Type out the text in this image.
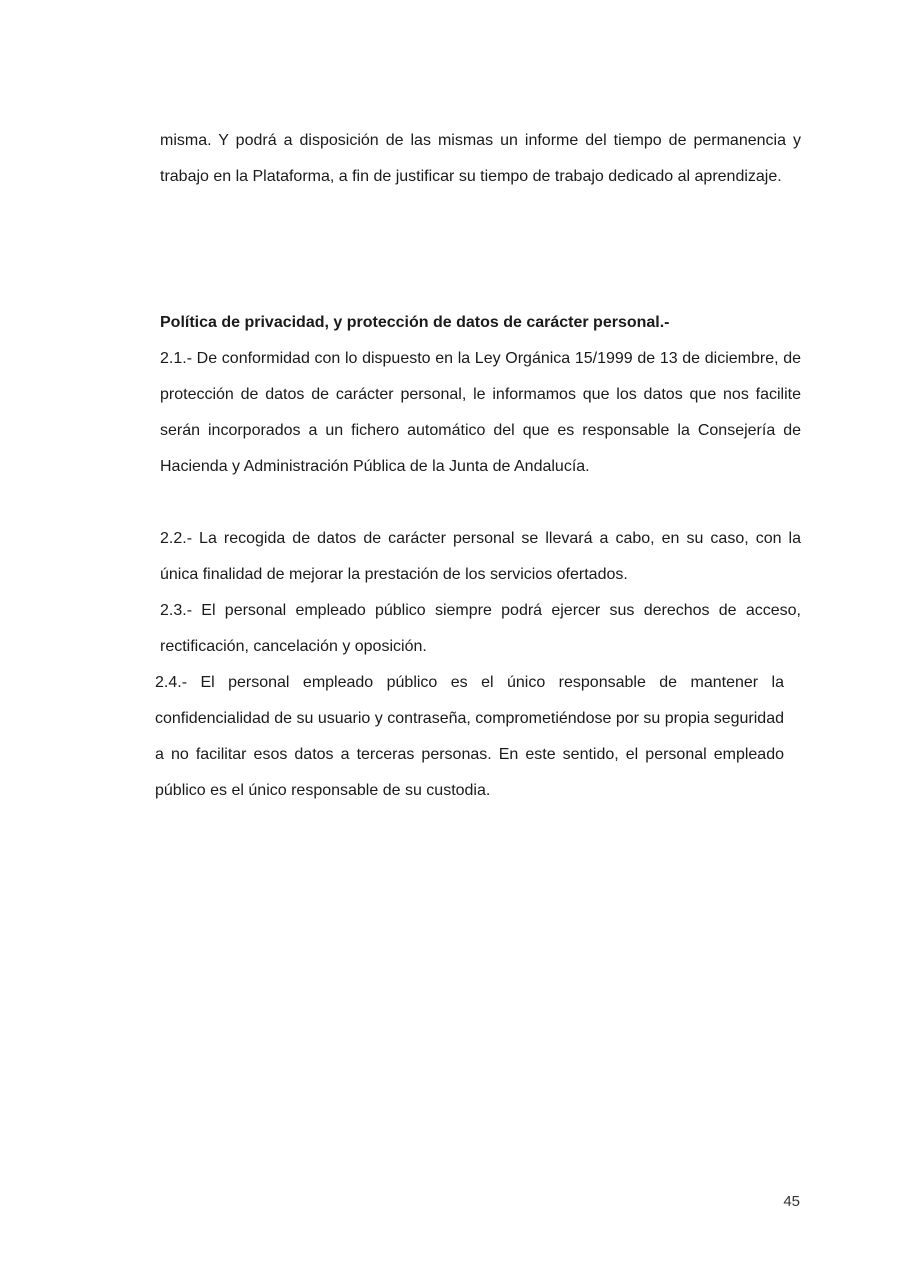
misma. Y podrá a disposición de las mismas un informe del tiempo de permanencia y trabajo en la Plataforma, a fin de justificar su tiempo de trabajo dedicado al aprendizaje.

Política de privacidad, y protección de datos de carácter personal.-

2.1.- De conformidad con lo dispuesto en la Ley Orgánica 15/1999 de 13 de diciembre, de protección de datos de carácter personal, le informamos que los datos que nos facilite serán incorporados a un fichero automático del que es responsable la Consejería de Hacienda y Administración Pública de la Junta de Andalucía.

2.2.- La recogida de datos de carácter personal se llevará a cabo, en su caso, con la única finalidad de mejorar la prestación de los servicios ofertados.

2.3.- El personal empleado público siempre podrá ejercer sus derechos de acceso, rectificación, cancelación y oposición.

2.4.- El personal empleado público es el único responsable de mantener la confidencialidad de su usuario y contraseña, comprometiéndose por su propia seguridad a no facilitar esos datos a terceras personas. En este sentido, el personal empleado público es el único responsable de su custodia.

45
